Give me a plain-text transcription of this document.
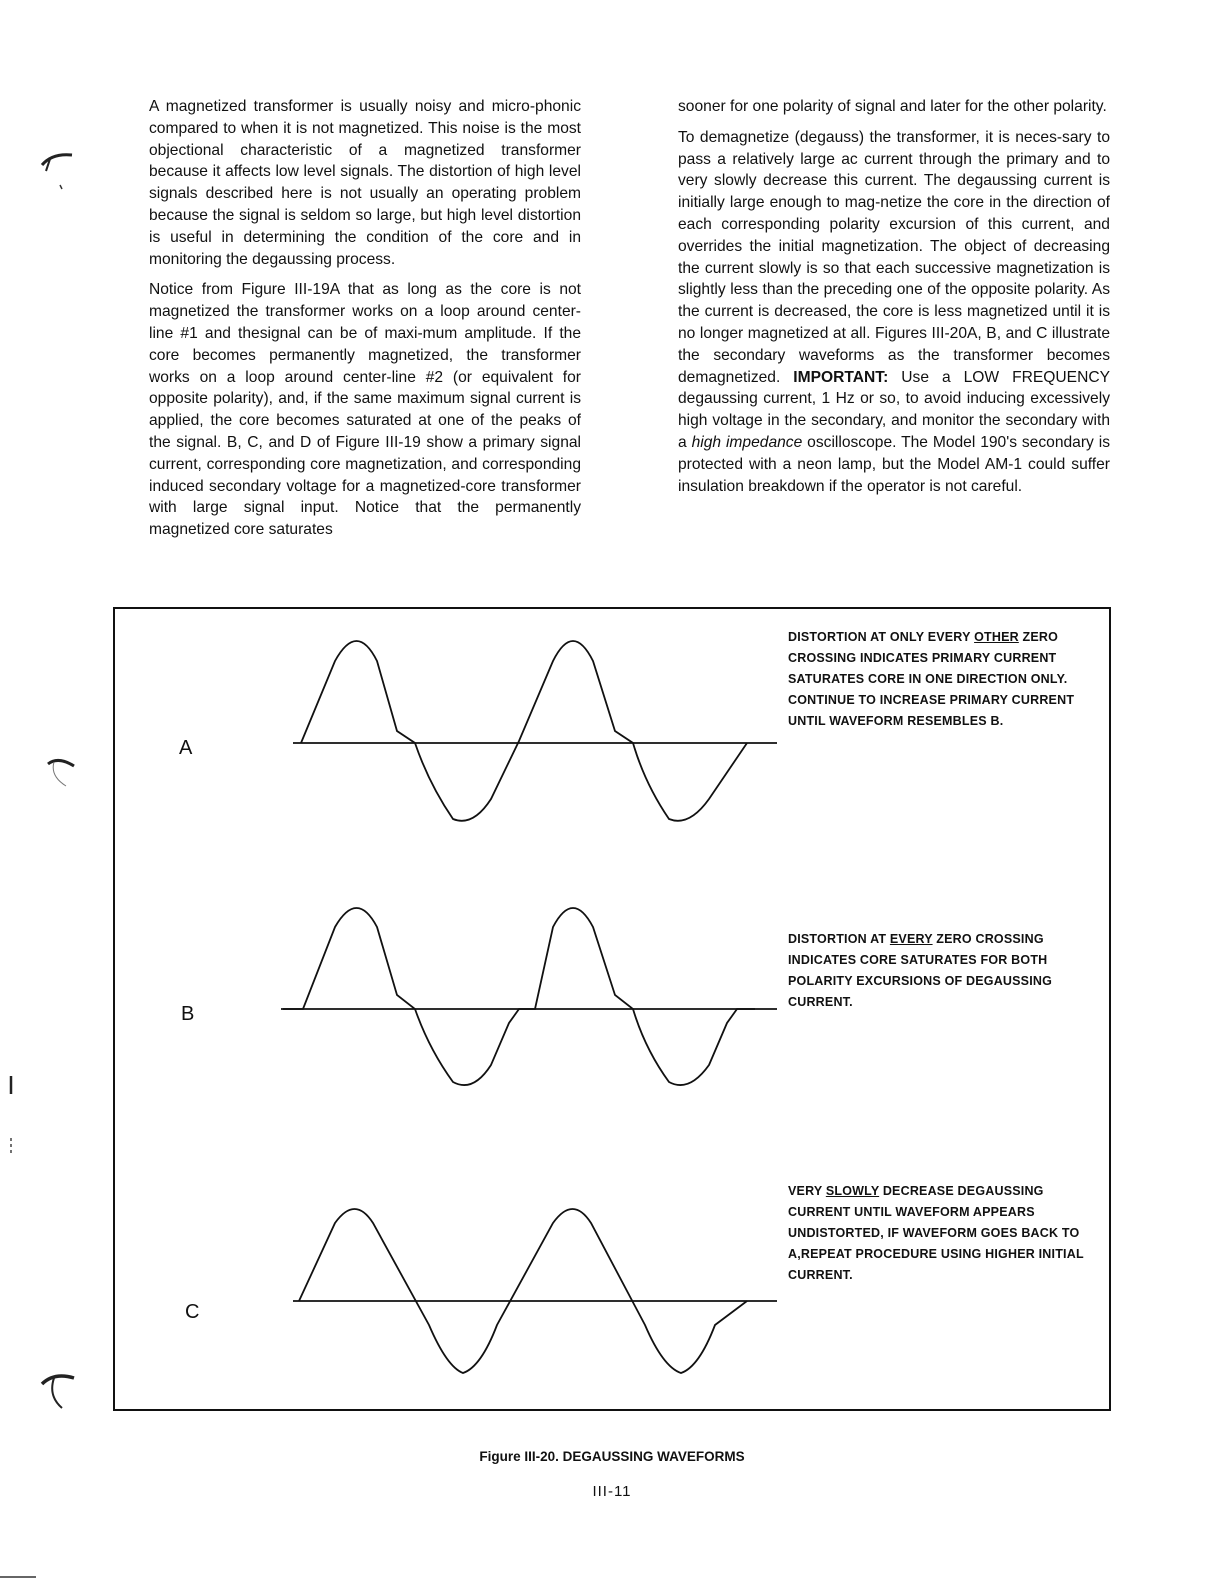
A magnetized transformer is usually noisy and micro-phonic compared to when it is not magnetized. This noise is the most objectional characteristic of a magnetized transformer because it affects low level signals. The distortion of high level signals described here is not usually an operating problem because the signal is seldom so large, but high level distortion is useful in determining the condition of the core and in monitoring the degaussing process.

Notice from Figure III-19A that as long as the core is not magnetized the transformer works on a loop around center-line #1 and thesignal can be of maxi-mum amplitude. If the core becomes permanently magnetized, the transformer works on a loop around center-line #2 (or equivalent for opposite polarity), and, if the same maximum signal current is applied, the core becomes saturated at one of the peaks of the signal. B, C, and D of Figure III-19 show a primary signal current, corresponding core magnetization, and corresponding induced secondary voltage for a magnetized-core transformer with large signal input. Notice that the permanently magnetized core saturates

sooner for one polarity of signal and later for the other polarity.

To demagnetize (degauss) the transformer, it is neces-sary to pass a relatively large ac current through the primary and to very slowly decrease this current. The degaussing current is initially large enough to mag-netize the core in the direction of each corresponding polarity excursion of this current, and overrides the initial magnetization. The object of decreasing the current slowly is so that each successive magnetization is slightly less than the preceding one of the opposite polarity. As the current is decreased, the core is less magnetized until it is no longer magnetized at all. Figures III-20A, B, and C illustrate the secondary waveforms as the transformer becomes demagnetized. IMPORTANT: Use a LOW FREQUENCY degaussing current, 1 Hz or so, to avoid inducing excessively high voltage in the secondary, and monitor the secondary with a high impedance oscilloscope. The Model 190's secondary is protected with a neon lamp, but the Model AM-1 could suffer insulation breakdown if the operator is not careful.

A
B
C
DISTORTION AT ONLY EVERY OTHER ZERO CROSSING INDICATES PRIMARY CURRENT SATURATES CORE IN ONE DIRECTION ONLY. CONTINUE TO INCREASE PRIMARY CURRENT UNTIL WAVEFORM RESEMBLES B.
DISTORTION AT EVERY ZERO CROSSING INDICATES CORE SATURATES FOR BOTH POLARITY EXCURSIONS OF DEGAUSSING CURRENT.
VERY SLOWLY DECREASE DEGAUSSING CURRENT UNTIL WAVEFORM APPEARS UNDISTORTED, IF WAVEFORM GOES BACK TO A,REPEAT PROCEDURE USING HIGHER INITIAL CURRENT.
Figure III-20. DEGAUSSING WAVEFORMS
III-11
